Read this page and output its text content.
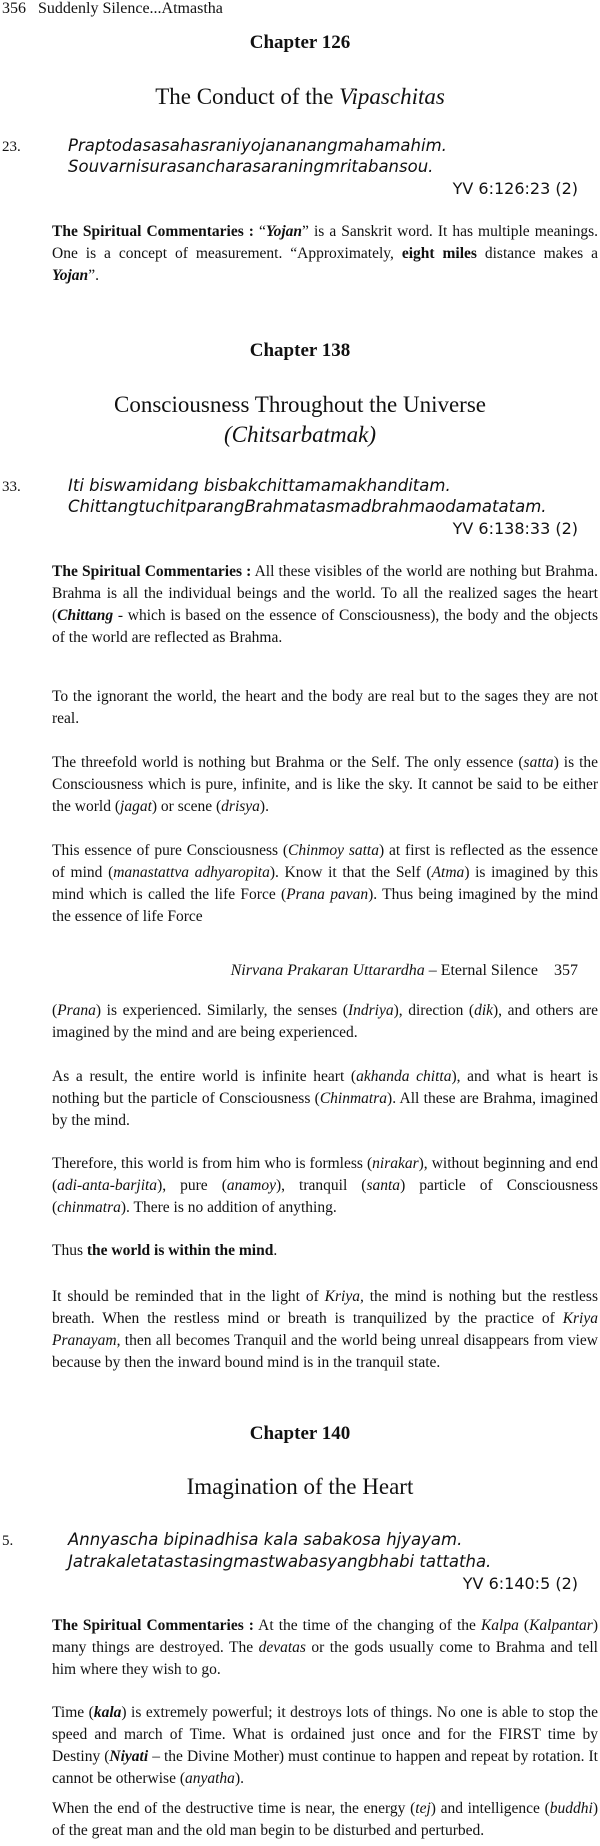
356 Suddenly Silence...Atmastha
Chapter 126
The Conduct of the Vipaschitas
23.	Praptodasasahasraniyojananangmahamahim.
Souvarnisurasancharasaraningmritabansou.
YV 6:126:23 (2)

The Spiritual Commentaries : “Yojan” is a Sanskrit word. It has multiple meanings. One is a concept of measurement. “Approximately, eight miles distance makes a Yojan”.

Chapter 138
Consciousness Throughout the Universe
(Chitsarbatmak)
33.	Iti biswamidang bisbakchittamamakhanditam.
ChittangtuchitparangBrahmatasmadbrahmaodamatatam.
YV 6:138:33 (2)

The Spiritual Commentaries : All these visibles of the world are nothing but Brahma. Brahma is all the individual beings and the world. To all the realized sages the heart (Chittang - which is based on the essence of Consciousness), the body and the objects of the world are reflected as Brahma.

To the ignorant the world, the heart and the body are real but to the sages they are not real.

The threefold world is nothing but Brahma or the Self. The only essence (satta) is the Consciousness which is pure, infinite, and is like the sky. It cannot be said to be either the world (jagat) or scene (drisya).

This essence of pure Consciousness (Chinmoy satta) at first is reflected as the essence of mind (manastattva adhyaropita). Know it that the Self (Atma) is imagined by this mind which is called the life Force (Prana pavan). Thus being imagined by the mind the essence of life Force

Nirvana Prakaran Uttarardha – Eternal Silence 357

(Prana) is experienced. Similarly, the senses (Indriya), direction (dik), and others are imagined by the mind and are being experienced.

As a result, the entire world is infinite heart (akhanda chitta), and what is heart is nothing but the particle of Consciousness (Chinmatra). All these are Brahma, imagined by the mind.

Therefore, this world is from him who is formless (nirakar), without beginning and end (adi-anta-barjita), pure (anamoy), tranquil (santa) particle of Consciousness (chinmatra). There is no addition of anything.

Thus the world is within the mind.

It should be reminded that in the light of Kriya, the mind is nothing but the restless breath. When the restless mind or breath is tranquilized by the practice of Kriya Pranayam, then all becomes Tranquil and the world being unreal disappears from view because by then the inward bound mind is in the tranquil state.

Chapter 140
Imagination of the Heart
5.	Annyascha bipinadhisa kala sabakosa hjyayam.
Jatrakaletatastasingmastwabasyangbhabi tattatha.
YV 6:140:5 (2)

The Spiritual Commentaries : At the time of the changing of the Kalpa (Kalpantar) many things are destroyed. The devatas or the gods usually come to Brahma and tell him where they wish to go.

Time (kala) is extremely powerful; it destroys lots of things. No one is able to stop the speed and march of Time. What is ordained just once and for the FIRST time by Destiny (Niyati – the Divine Mother) must continue to happen and repeat by rotation. It cannot be otherwise (anyatha).

When the end of the destructive time is near, the energy (tej) and intelligence (buddhi) of the great man and the old man begin to be disturbed and perturbed.
